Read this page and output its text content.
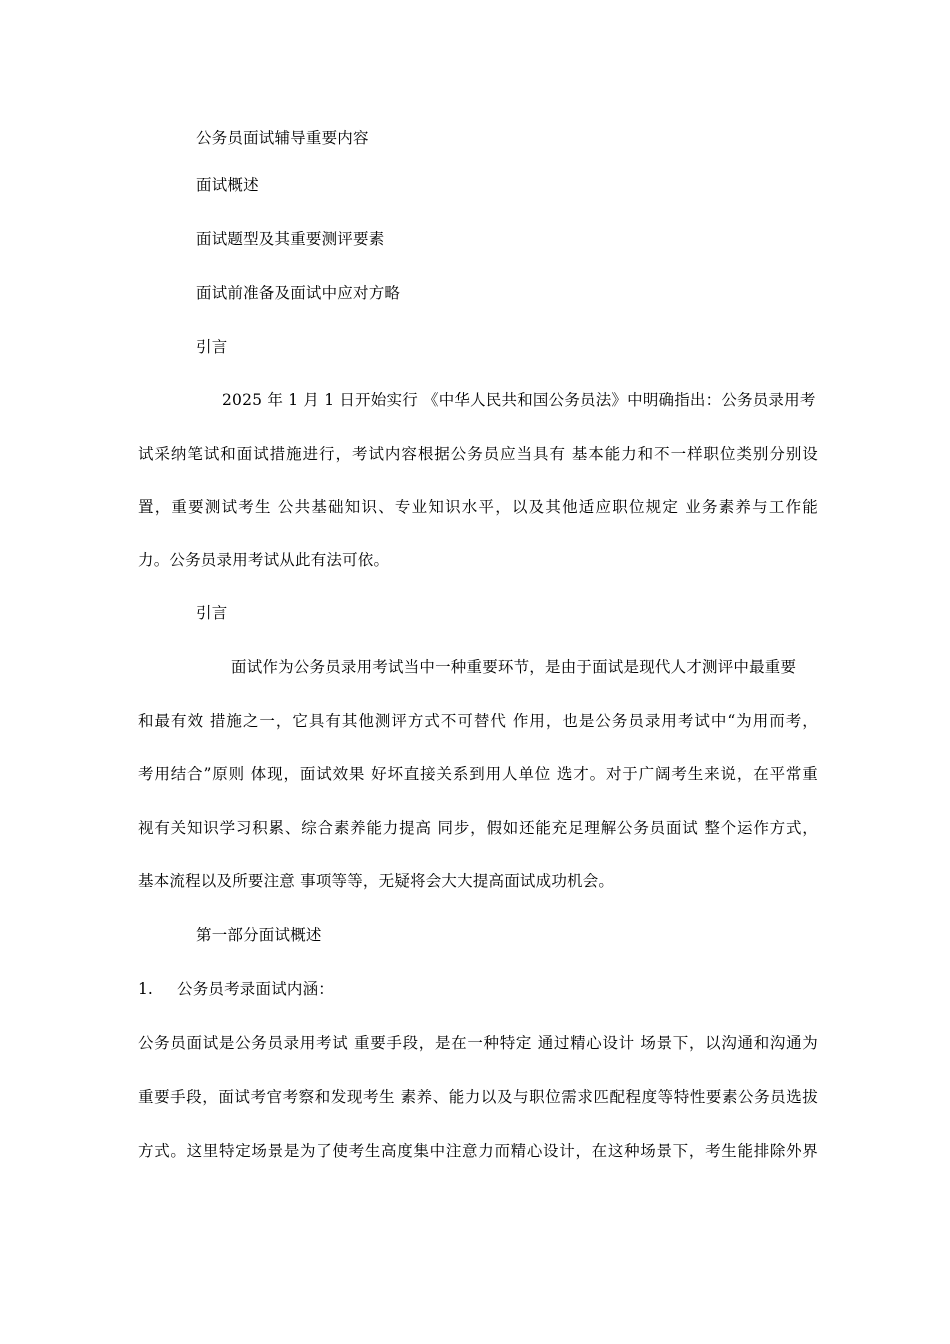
公务员面试辅导重要内容
面试概述
面试题型及其重要测评要素
面试前准备及面试中应对方略
引言
2025 年 1 月 1 日开始实行 《中华人民共和国公务员法》中明确指出：公务员录用考
试采纳笔试和面试措施进行，考试内容根据公务员应当具有 基本能力和不一样职位类别分别设
置，重要测试考生 公共基础知识、专业知识水平，以及其他适应职位规定 业务素养与工作能
力。公务员录用考试从此有法可依。
引言
面试作为公务员录用考试当中一种重要环节，是由于面试是现代人才测评中最重要
和最有效 措施之一，它具有其他测评方式不可替代 作用，也是公务员录用考试中“为用而考，
考用结合”原则 体现，面试效果 好坏直接关系到用人单位 选才。对于广阔考生来说，在平常重
视有关知识学习积累、综合素养能力提高 同步，假如还能充足理解公务员面试 整个运作方式，
基本流程以及所要注意 事项等等，无疑将会大大提高面试成功机会。
第一部分面试概述
1. 公务员考录面试内涵：
公务员面试是公务员录用考试 重要手段，是在一种特定 通过精心设计 场景下，以沟通和沟通为
重要手段，面试考官考察和发现考生 素养、能力以及与职位需求匹配程度等特性要素公务员选拔
方式。这里特定场景是为了使考生高度集中注意力而精心设计，在这种场景下，考生能排除外界
